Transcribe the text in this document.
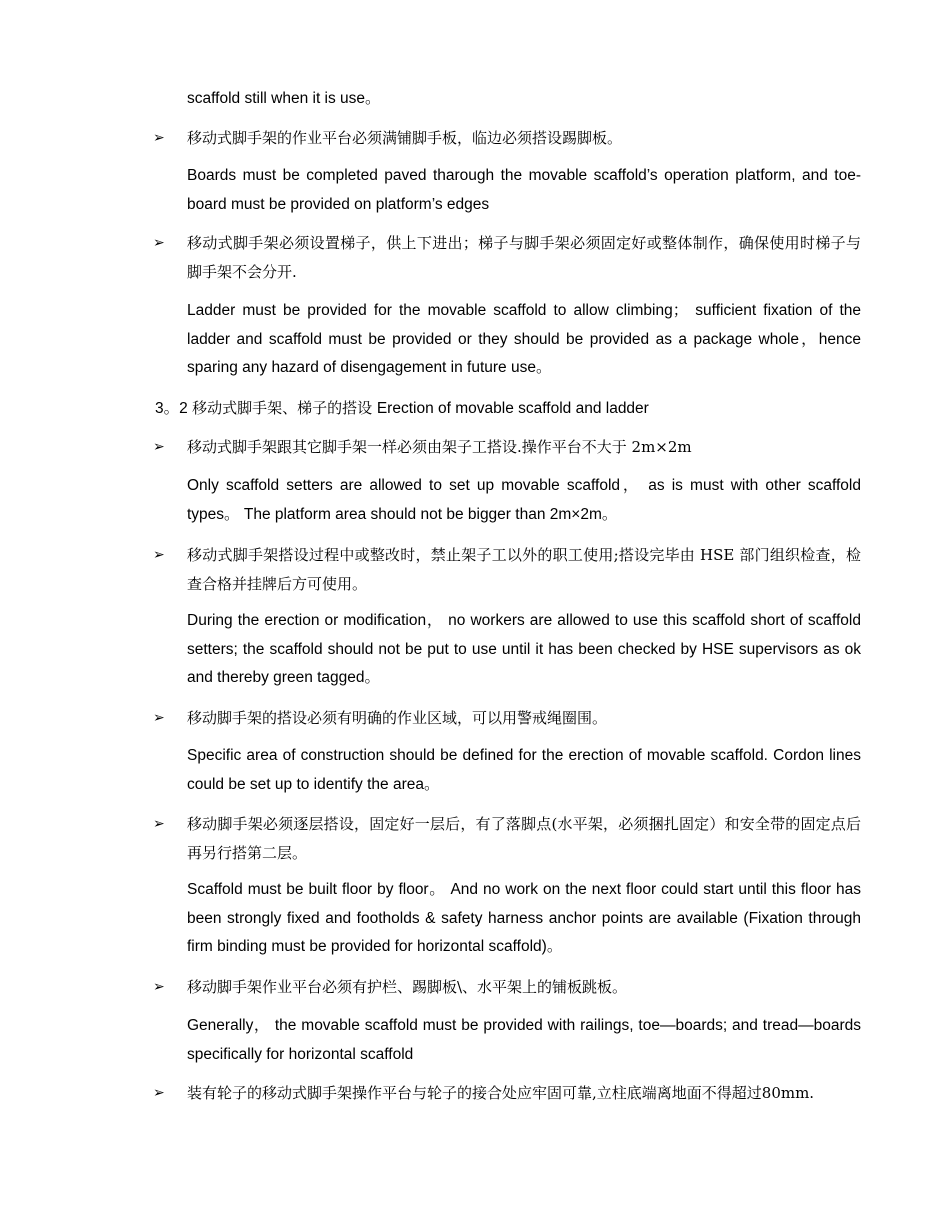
scaffold still when it is use。

➢ 移动式脚手架的作业平台必须满铺脚手板，临边必须搭设踢脚板。

Boards must be completed paved tharough the movable scaffold’s operation platform, and toe-board must be provided on platform’s edges

➢ 移动式脚手架必须设置梯子，供上下进出；梯子与脚手架必须固定好或整体制作，确保使用时梯子与脚手架不会分开.

Ladder must be provided for the movable scaffold to allow climbing； sufficient fixation of the ladder and scaffold must be provided or they should be provided as a package whole，hence sparing any hazard of disengagement in future use。

3。2 移动式脚手架、梯子的搭设 Erection of movable scaffold and ladder

➢ 移动式脚手架跟其它脚手架一样必须由架子工搭设.操作平台不大于 2m×2m

Only scaffold setters are allowed to set up movable scaffold， as is must with other scaffold types。 The platform area should not be bigger than 2m×2m。

➢ 移动式脚手架搭设过程中或整改时，禁止架子工以外的职工使用;搭设完毕由 HSE 部门组织检查，检查合格并挂牌后方可使用。

During the erection or modification， no workers are allowed to use this scaffold short of scaffold setters; the scaffold should not be put to use until it has been checked by HSE supervisors as ok and thereby green tagged。

➢ 移动脚手架的搭设必须有明确的作业区域，可以用警戒绳圈围。

Specific area of construction should be defined for the erection of movable scaffold. Cordon lines could be set up to identify the area。

➢ 移动脚手架必须逐层搭设，固定好一层后，有了落脚点(水平架，必须捆扎固定）和安全带的固定点后再另行搭第二层。

Scaffold must be built floor by floor。 And no work on the next floor could start until this floor has been strongly fixed and footholds & safety harness anchor points are available (Fixation through firm binding must be provided for horizontal scaffold)。

➢ 移动脚手架作业平台必须有护栏、踢脚板\、水平架上的铺板跳板。

Generally， the movable scaffold must be provided with railings, toe—boards; and tread—boards specifically for horizontal scaffold

➢ 装有轮子的移动式脚手架操作平台与轮子的接合处应牢固可靠,立柱底端离地面不得超过80mm.
